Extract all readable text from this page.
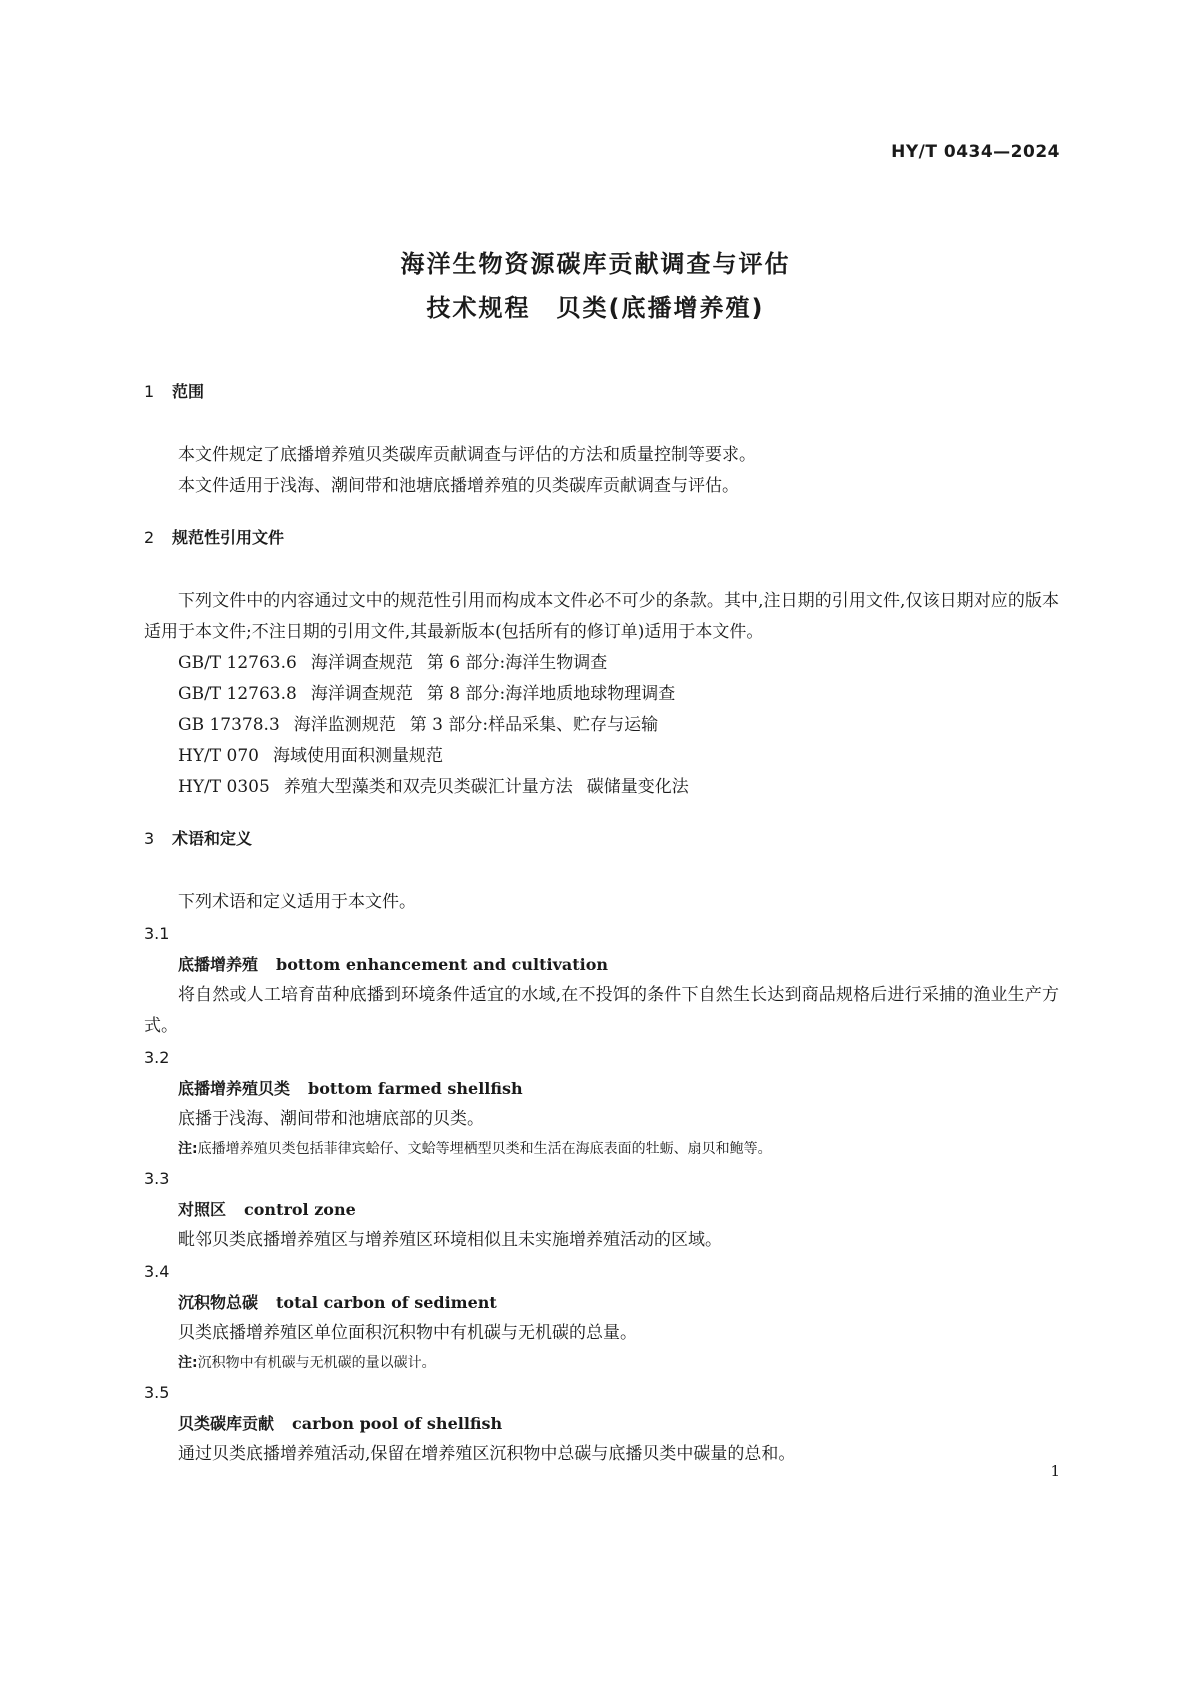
HY/T 0434—2024
海洋生物资源碳库贡献调查与评估
技术规程　贝类(底播增养殖)
1 范围

本文件规定了底播增养殖贝类碳库贡献调查与评估的方法和质量控制等要求。

本文件适用于浅海、潮间带和池塘底播增养殖的贝类碳库贡献调查与评估。

2 规范性引用文件

下列文件中的内容通过文中的规范性引用而构成本文件必不可少的条款。其中,注日期的引用文件,仅该日期对应的版本适用于本文件;不注日期的引用文件,其最新版本(包括所有的修订单)适用于本文件。

GB/T 12763.6 海洋调查规范 第 6 部分:海洋生物调查

GB/T 12763.8 海洋调查规范 第 8 部分:海洋地质地球物理调查

GB 17378.3 海洋监测规范 第 3 部分:样品采集、贮存与运输

HY/T 070 海域使用面积测量规范

HY/T 0305 养殖大型藻类和双壳贝类碳汇计量方法 碳储量变化法

3 术语和定义

下列术语和定义适用于本文件。

3.1

底播增养殖 bottom enhancement and cultivation

将自然或人工培育苗种底播到环境条件适宜的水域,在不投饵的条件下自然生长达到商品规格后进行采捕的渔业生产方式。

3.2

底播增养殖贝类 bottom farmed shellfish

底播于浅海、潮间带和池塘底部的贝类。

注:底播增养殖贝类包括菲律宾蛤仔、文蛤等埋栖型贝类和生活在海底表面的牡蛎、扇贝和鲍等。

3.3

对照区 control zone

毗邻贝类底播增养殖区与增养殖区环境相似且未实施增养殖活动的区域。

3.4

沉积物总碳 total carbon of sediment

贝类底播增养殖区单位面积沉积物中有机碳与无机碳的总量。

注:沉积物中有机碳与无机碳的量以碳计。

3.5

贝类碳库贡献 carbon pool of shellfish

通过贝类底播增养殖活动,保留在增养殖区沉积物中总碳与底播贝类中碳量的总和。

1
